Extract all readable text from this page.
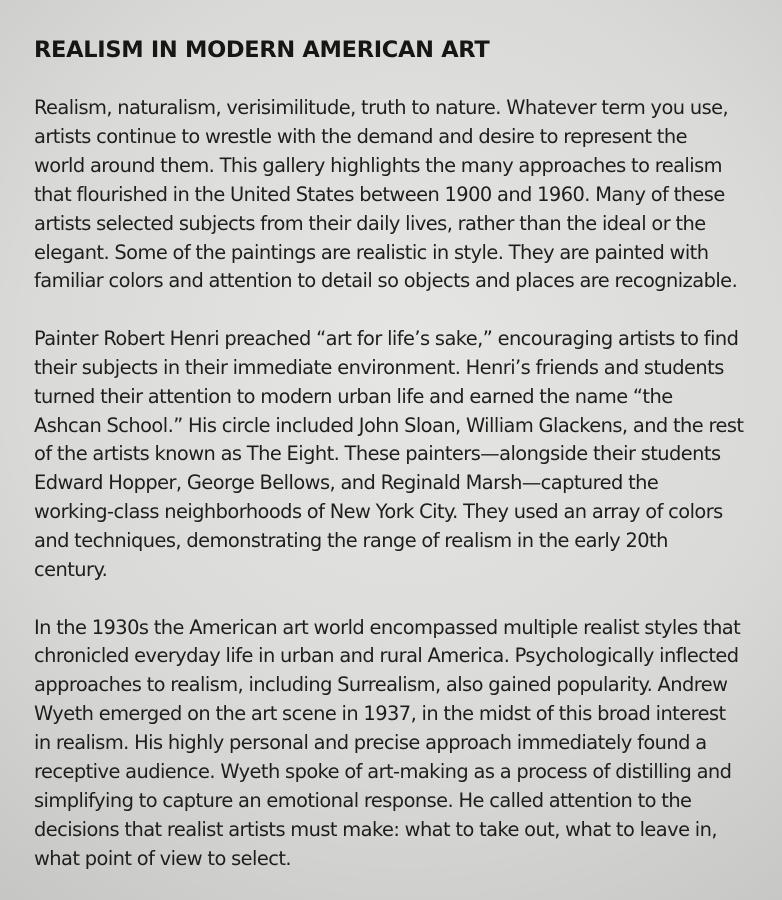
REALISM IN MODERN AMERICAN ART

Realism, naturalism, verisimilitude, truth to nature. Whatever term you use,
artists continue to wrestle with the demand and desire to represent the
world around them. This gallery highlights the many approaches to realism
that flourished in the United States between 1900 and 1960. Many of these
artists selected subjects from their daily lives, rather than the ideal or the
elegant. Some of the paintings are realistic in style. They are painted with
familiar colors and attention to detail so objects and places are recognizable.

Painter Robert Henri preached “art for life’s sake,” encouraging artists to find
their subjects in their immediate environment. Henri’s friends and students
turned their attention to modern urban life and earned the name “the
Ashcan School.” His circle included John Sloan, William Glackens, and the rest
of the artists known as The Eight. These painters—alongside their students
Edward Hopper, George Bellows, and Reginald Marsh—captured the
working-class neighborhoods of New York City. They used an array of colors
and techniques, demonstrating the range of realism in the early 20th
century.

In the 1930s the American art world encompassed multiple realist styles that
chronicled everyday life in urban and rural America. Psychologically inflected
approaches to realism, including Surrealism, also gained popularity. Andrew
Wyeth emerged on the art scene in 1937, in the midst of this broad interest
in realism. His highly personal and precise approach immediately found a
receptive audience. Wyeth spoke of art-making as a process of distilling and
simplifying to capture an emotional response. He called attention to the
decisions that realist artists must make: what to take out, what to leave in,
what point of view to select.
